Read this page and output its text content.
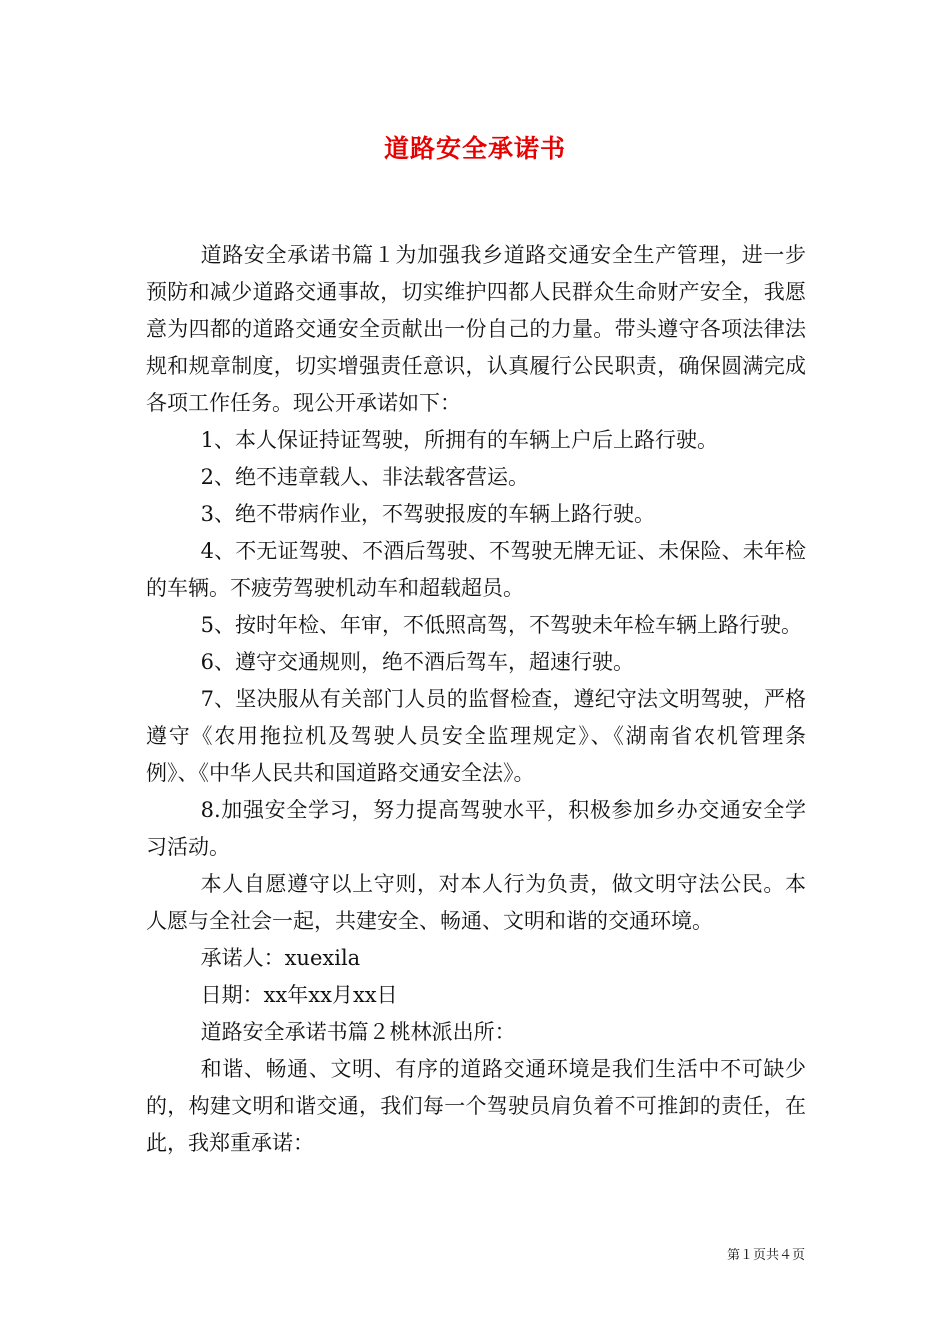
道路安全承诺书

道路安全承诺书篇１为加强我乡道路交通安全生产管理，进一步预防和减少道路交通事故，切实维护四都人民群众生命财产安全，我愿意为四都的道路交通安全贡献出一份自己的力量。带头遵守各项法律法规和规章制度，切实增强责任意识，认真履行公民职责，确保圆满完成各项工作任务。现公开承诺如下：

1、本人保证持证驾驶，所拥有的车辆上户后上路行驶。

2、绝不违章载人、非法载客营运。

3、绝不带病作业，不驾驶报废的车辆上路行驶。

4、不无证驾驶、不酒后驾驶、不驾驶无牌无证、未保险、未年检的车辆。不疲劳驾驶机动车和超载超员。

5、按时年检、年审，不低照高驾，不驾驶未年检车辆上路行驶。

6、遵守交通规则，绝不酒后驾车，超速行驶。

7、坚决服从有关部门人员的监督检查，遵纪守法文明驾驶，严格遵守《农用拖拉机及驾驶人员安全监理规定》、《湖南省农机管理条例》、《中华人民共和国道路交通安全法》。

8.加强安全学习，努力提高驾驶水平，积极参加乡办交通安全学习活动。

本人自愿遵守以上守则，对本人行为负责，做文明守法公民。本人愿与全社会一起，共建安全、畅通、文明和谐的交通环境。

承诺人：xuexila

日期：xx年xx月xx日

道路安全承诺书篇２桃林派出所：

和谐、畅通、文明、有序的道路交通环境是我们生活中不可缺少的，构建文明和谐交通，我们每一个驾驶员肩负着不可推卸的责任，在此，我郑重承诺：

第１页共４页
